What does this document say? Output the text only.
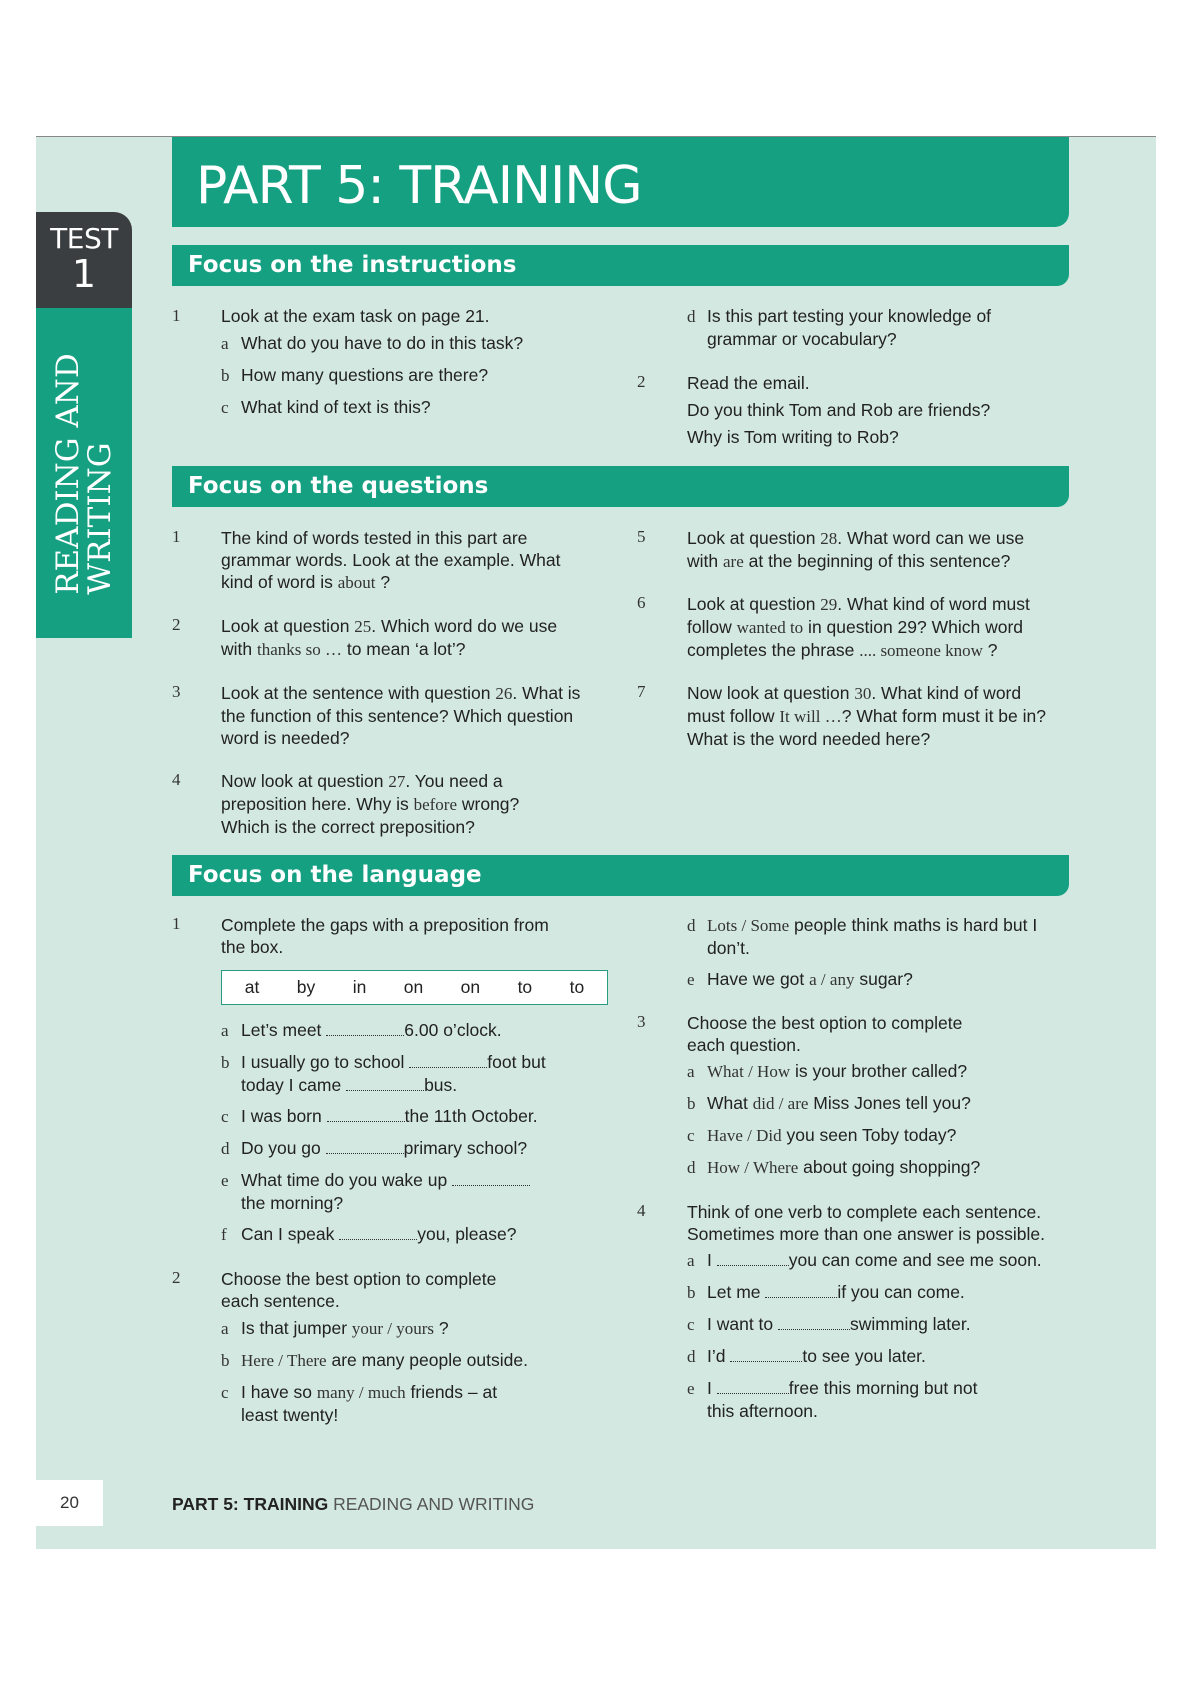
PART 5: TRAINING
TEST
1
READING AND
WRITING
Focus on the instructions
1 Look at the exam task on page 21.
a What do you have to do in this task?
b How many questions are there?
c What kind of text is this?
d Is this part testing your knowledge of
grammar or vocabulary?
2 Read the email.
Do you think Tom and Rob are friends?
Why is Tom writing to Rob?
Focus on the questions
1 The kind of words tested in this part are
grammar words. Look at the example. What
kind of word is about ?
2 Look at question 25. Which word do we use
with thanks so … to mean ‘a lot’?
3 Look at the sentence with question 26. What is
the function of this sentence? Which question
word is needed?
4 Now look at question 27. You need a
preposition here. Why is before wrong?
Which is the correct preposition?
5 Look at question 28. What word can we use
with are at the beginning of this sentence?
6 Look at question 29. What kind of word must
follow wanted to in question 29? Which word
completes the phrase .... someone know ?
7 Now look at question 30. What kind of word
must follow It will …? What form must it be in?
What is the word needed here?
Focus on the language
1 Complete the gaps with a preposition from
the box.
at by in on on to to
a Let’s meet	6.00 o’clock.
b I usually go to school	foot but
today I came	bus.
c I was born	the 11th October.
d Do you go	primary school?
e What time do you wake up
the morning?
f Can I speak	you, please?
2 Choose the best option to complete
each sentence.
a Is that jumper your / yours ?
b Here / There are many people outside.
c I have so many / much friends – at
least twenty!
d Lots / Some people think maths is hard but I
don’t.
e Have we got a / any sugar?
3 Choose the best option to complete
each question.
a What / How is your brother called?
b What did / are Miss Jones tell you?
c Have / Did you seen Toby today?
d How / Where about going shopping?
4 Think of one verb to complete each sentence.
Sometimes more than one answer is possible.
a I	you can come and see me soon.
b Let me	if you can come.
c I want to	swimming later.
d I’d	to see you later.
e I	free this morning but not
this afternoon.
20	PART 5: TRAINING READING AND WRITING
